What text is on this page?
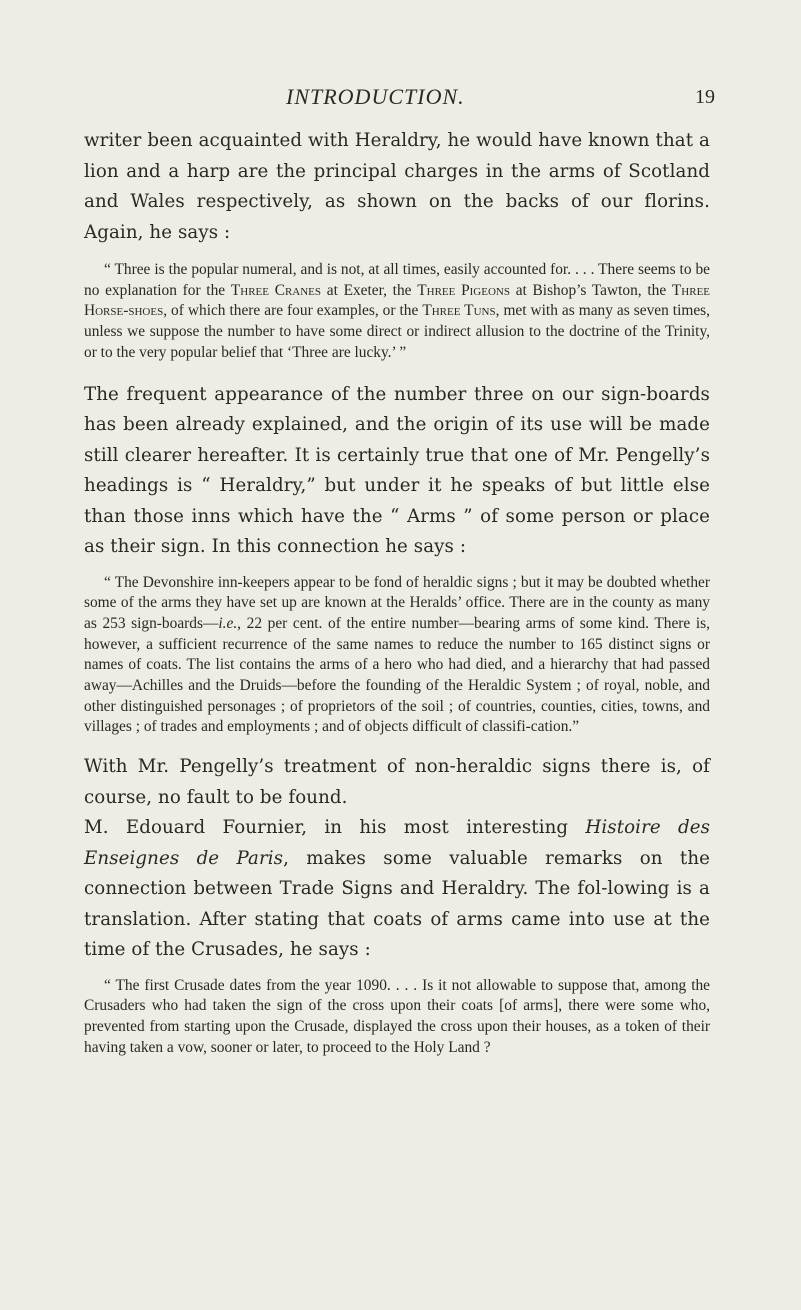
INTRODUCTION.	19

writer been acquainted with Heraldry, he would have known that a lion and a harp are the principal charges in the arms of Scotland and Wales respectively, as shown on the backs of our florins. Again, he says :

“ Three is the popular numeral, and is not, at all times, easily accounted for. . . . There seems to be no explanation for the Three Cranes at Exeter, the Three Pigeons at Bishop’s Tawton, the Three Horse-shoes, of which there are four examples, or the Three Tuns, met with as many as seven times, unless we suppose the number to have some direct or indirect allusion to the doctrine of the Trinity, or to the very popular belief that ‘Three are lucky.’ ”

The frequent appearance of the number three on our sign-boards has been already explained, and the origin of its use will be made still clearer hereafter. It is certainly true that one of Mr. Pengelly’s headings is “ Heraldry,” but under it he speaks of but little else than those inns which have the “ Arms ” of some person or place as their sign. In this connection he says :

“ The Devonshire inn-keepers appear to be fond of heraldic signs ; but it may be doubted whether some of the arms they have set up are known at the Heralds’ office. There are in the county as many as 253 sign-boards—i.e., 22 per cent. of the entire number—bearing arms of some kind. There is, however, a sufficient recurrence of the same names to reduce the number to 165 distinct signs or names of coats. The list contains the arms of a hero who had died, and a hierarchy that had passed away—Achilles and the Druids—before the founding of the Heraldic System ; of royal, noble, and other distinguished personages ; of proprietors of the soil ; of countries, counties, cities, towns, and villages ; of trades and employments ; and of objects difficult of classifi-cation.”

With Mr. Pengelly’s treatment of non-heraldic signs there is, of course, no fault to be found.

M. Edouard Fournier, in his most interesting Histoire des Enseignes de Paris, makes some valuable remarks on the connection between Trade Signs and Heraldry. The fol-lowing is a translation. After stating that coats of arms came into use at the time of the Crusades, he says :

“ The first Crusade dates from the year 1090. . . . Is it not allowable to suppose that, among the Crusaders who had taken the sign of the cross upon their coats [of arms], there were some who, prevented from starting upon the Crusade, displayed the cross upon their houses, as a token of their having taken a vow, sooner or later, to proceed to the Holy Land ?
